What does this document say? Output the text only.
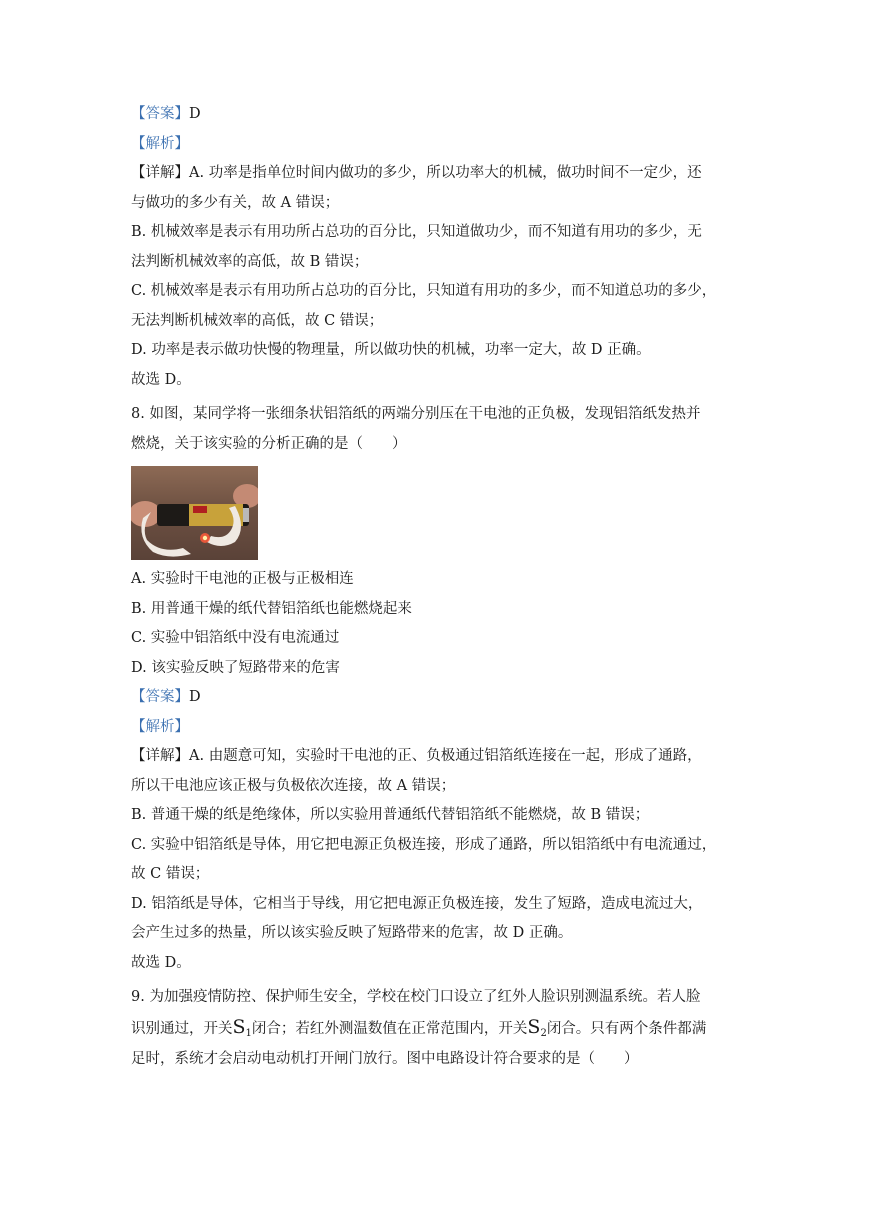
【答案】D
【解析】
【详解】A. 功率是指单位时间内做功的多少，所以功率大的机械，做功时间不一定少，还
与做功的多少有关，故 A 错误；
B. 机械效率是表示有用功所占总功的百分比，只知道做功少，而不知道有用功的多少，无
法判断机械效率的高低，故 B 错误；
C. 机械效率是表示有用功所占总功的百分比，只知道有用功的多少，而不知道总功的多少，
无法判断机械效率的高低，故 C 错误；
D. 功率是表示做功快慢的物理量，所以做功快的机械，功率一定大，故 D 正确。
故选 D。
8. 如图，某同学将一张细条状铝箔纸的两端分别压在干电池的正负极，发现铝箔纸发热并
燃烧，关于该实验的分析正确的是（　　）
A. 实验时干电池的正极与正极相连
B. 用普通干燥的纸代替铝箔纸也能燃烧起来
C. 实验中铝箔纸中没有电流通过
D. 该实验反映了短路带来的危害
【答案】D
【解析】
【详解】A. 由题意可知，实验时干电池的正、负极通过铝箔纸连接在一起，形成了通路，
所以干电池应该正极与负极依次连接，故 A 错误；
B. 普通干燥的纸是绝缘体，所以实验用普通纸代替铝箔纸不能燃烧，故 B 错误；
C. 实验中铝箔纸是导体，用它把电源正负极连接，形成了通路，所以铝箔纸中有电流通过，
故 C 错误；
D. 铝箔纸是导体，它相当于导线，用它把电源正负极连接，发生了短路，造成电流过大，
会产生过多的热量，所以该实验反映了短路带来的危害，故 D 正确。
故选 D。
9. 为加强疫情防控、保护师生安全，学校在校门口设立了红外人脸识别测温系统。若人脸
识别通过，开关$S_1$闭合；若红外测温数值在正常范围内，开关$S_2$闭合。只有两个条件都满
足时，系统才会启动电动机打开闸门放行。图中电路设计符合要求的是（　　）
